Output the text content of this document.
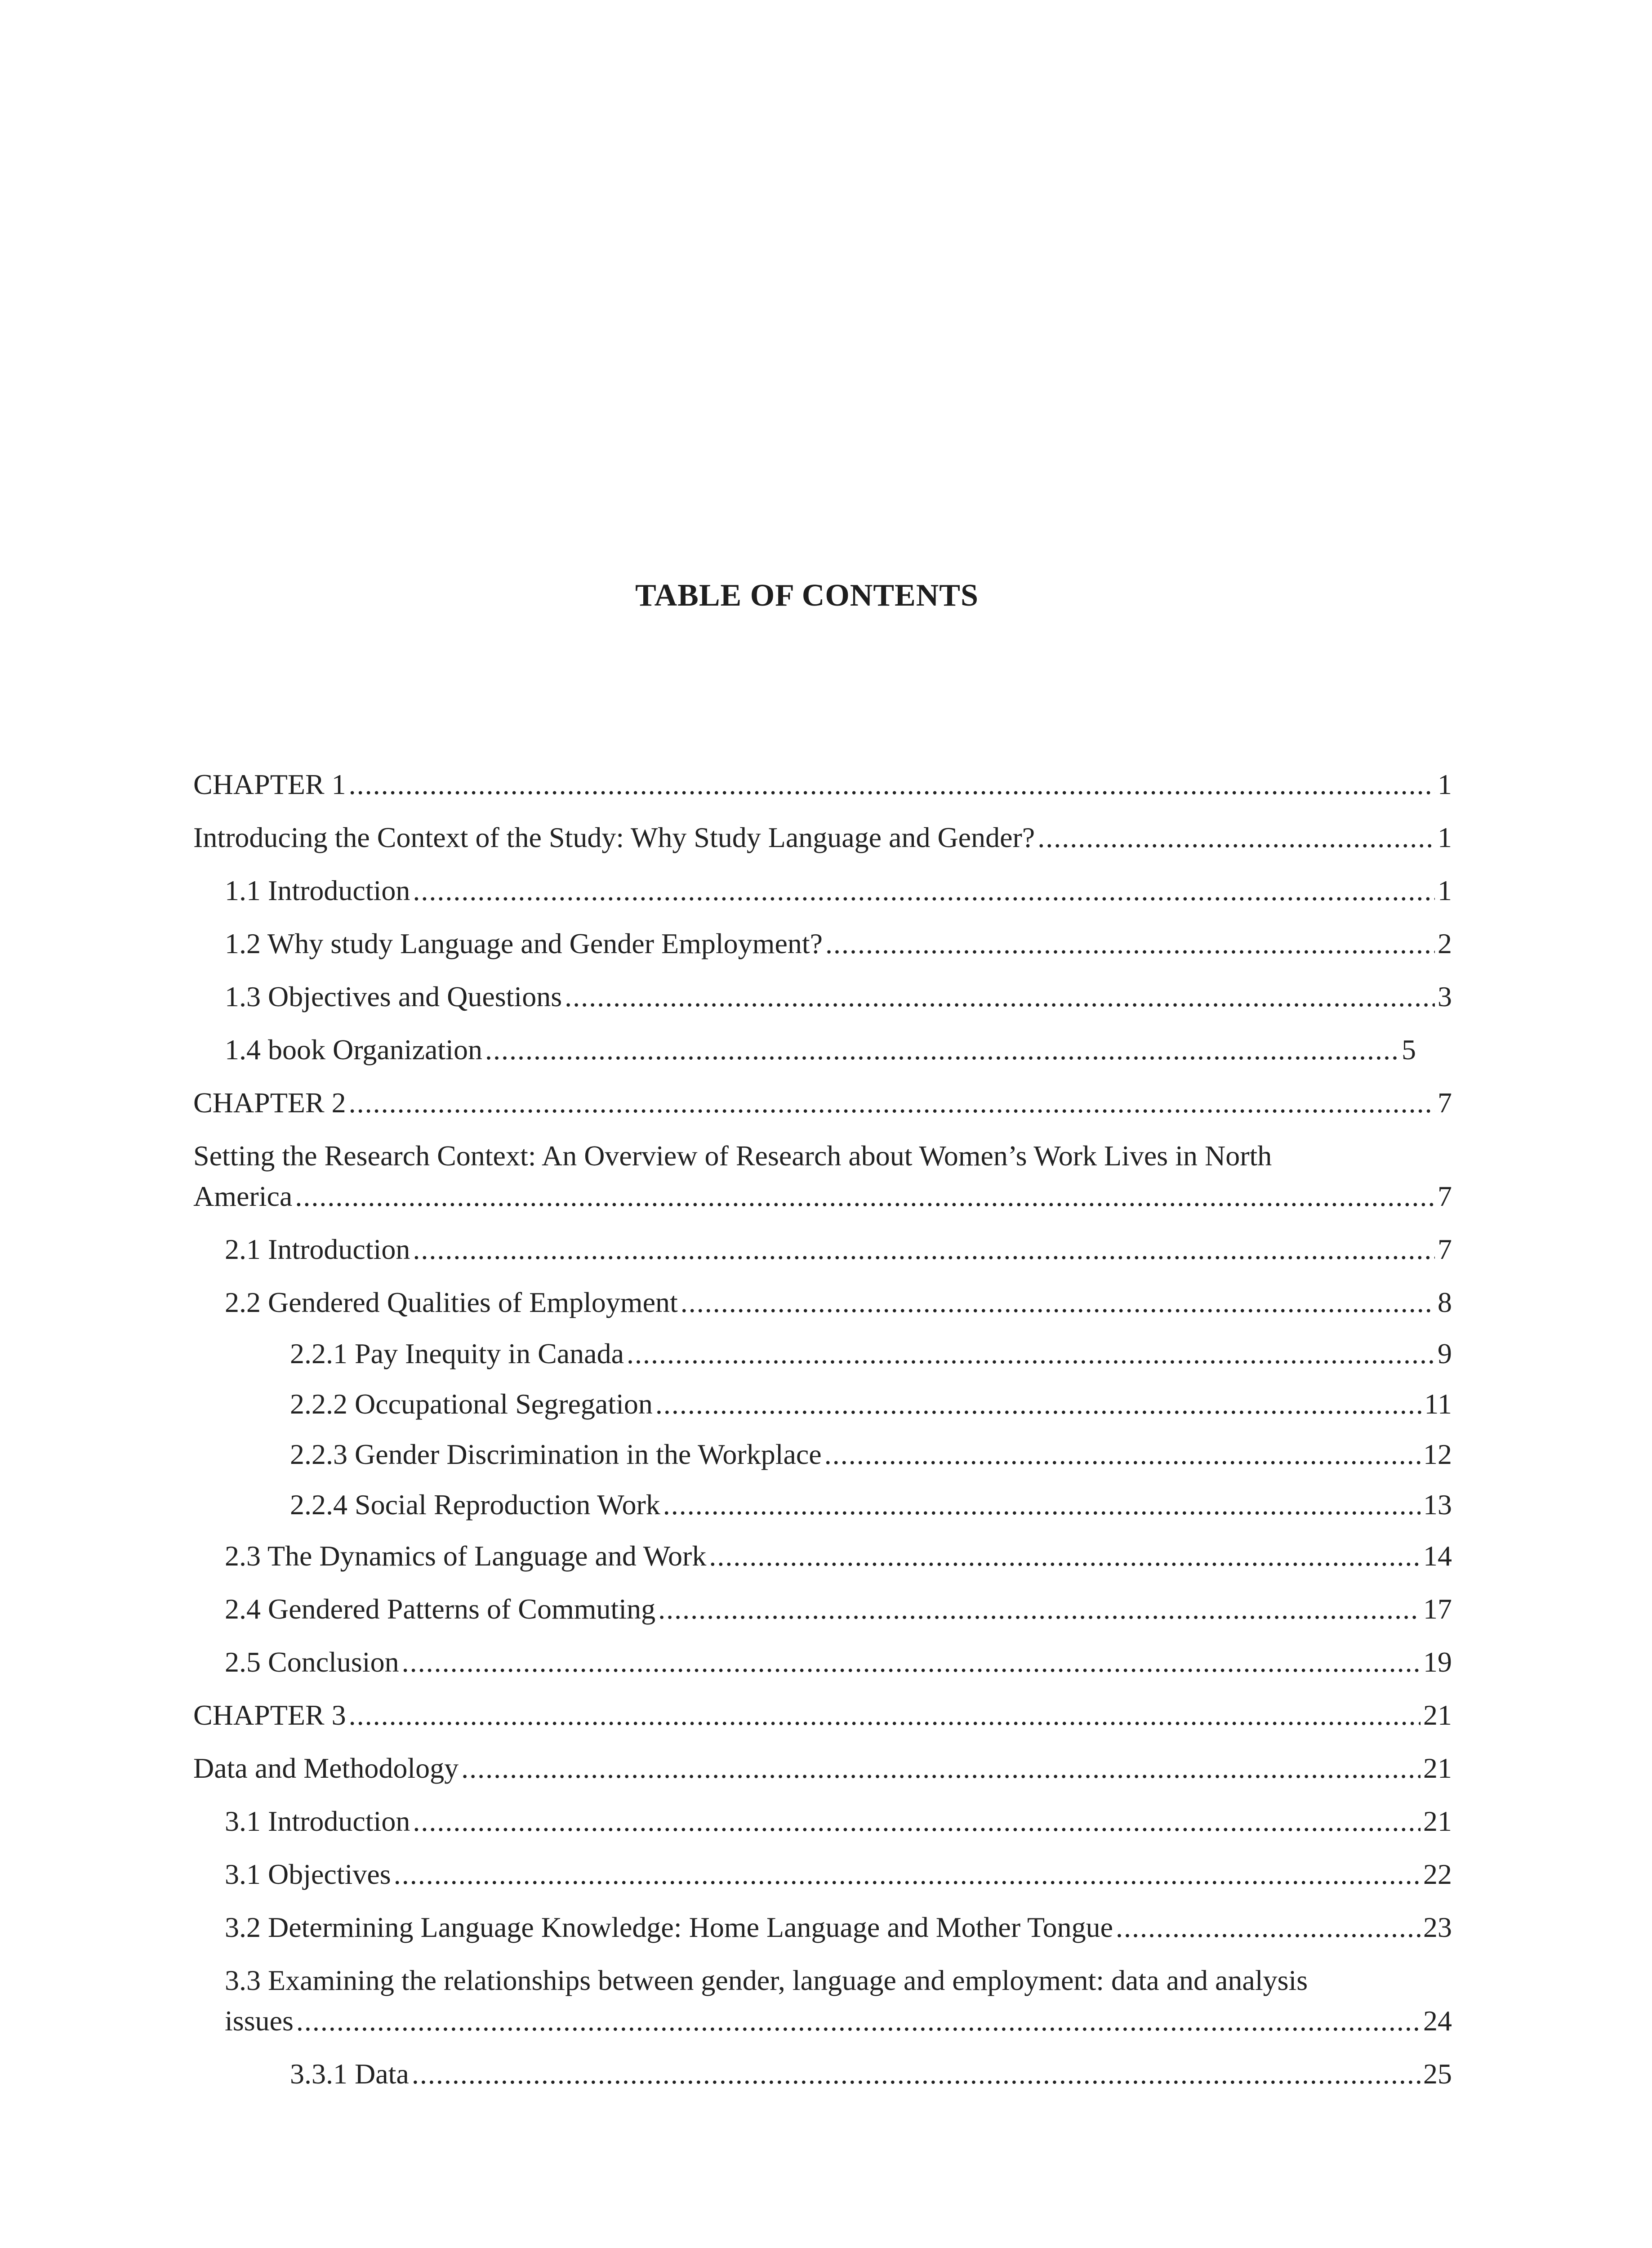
TABLE OF CONTENTS
CHAPTER 1 .....	1
Introducing the Context of the Study: Why Study Language and Gender? .....	1
1.1 Introduction .....	1
1.2 Why study Language and Gender Employment? .....	2
1.3 Objectives and Questions .....	3
1.4 book Organization .....	5
CHAPTER 2 .....	7
Setting the Research Context: An Overview of Research about Women’s Work Lives in North
America .....	7
2.1 Introduction .....	7
2.2 Gendered Qualities of Employment .....	8
2.2.1 Pay Inequity in Canada .....	9
2.2.2 Occupational Segregation .....	11
2.2.3 Gender Discrimination in the Workplace .....	12
2.2.4 Social Reproduction Work .....	13
2.3 The Dynamics of Language and Work .....	14
2.4 Gendered Patterns of Commuting .....	17
2.5 Conclusion .....	19
CHAPTER 3 .....	21
Data and Methodology .....	21
3.1 Introduction .....	21
3.1 Objectives .....	22
3.2 Determining Language Knowledge: Home Language and Mother Tongue .....	23
3.3 Examining the relationships between gender, language and employment: data and analysis
issues .....	24
3.3.1 Data .....	25
